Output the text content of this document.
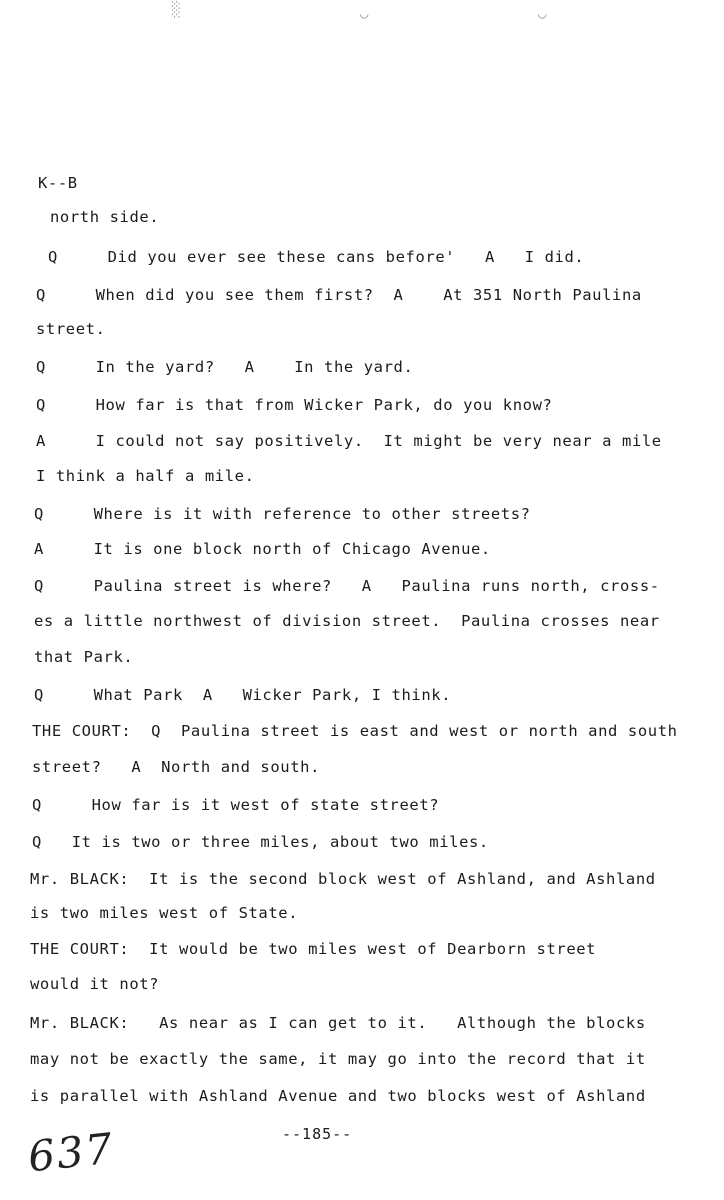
░	◡	◡
K--B
north side.
Q     Did you ever see these cans before'   A   I did.
Q     When did you see them first?  A    At 351 North Paulina
street.
Q     In the yard?   A    In the yard.
Q     How far is that from Wicker Park, do you know?
A     I could not say positively.  It might be very near a mile
I think a half a mile.
Q     Where is it with reference to other streets?
A     It is one block north of Chicago Avenue.
Q     Paulina street is where?   A   Paulina runs north, cross-
es a little northwest of division street.  Paulina crosses near
that Park.
Q     What Park  A   Wicker Park, I think.
THE COURT:  Q  Paulina street is east and west or north and south
street?   A  North and south.
Q     How far is it west of state street?
Q   It is two or three miles, about two miles.
Mr. BLACK:  It is the second block west of Ashland, and Ashland
is two miles west of State.
THE COURT:  It would be two miles west of Dearborn street
would it not?
Mr. BLACK:   As near as I can get to it.   Although the blocks
may not be exactly the same, it may go into the record that it
is parallel with Ashland Avenue and two blocks west of Ashland
--185--
637
